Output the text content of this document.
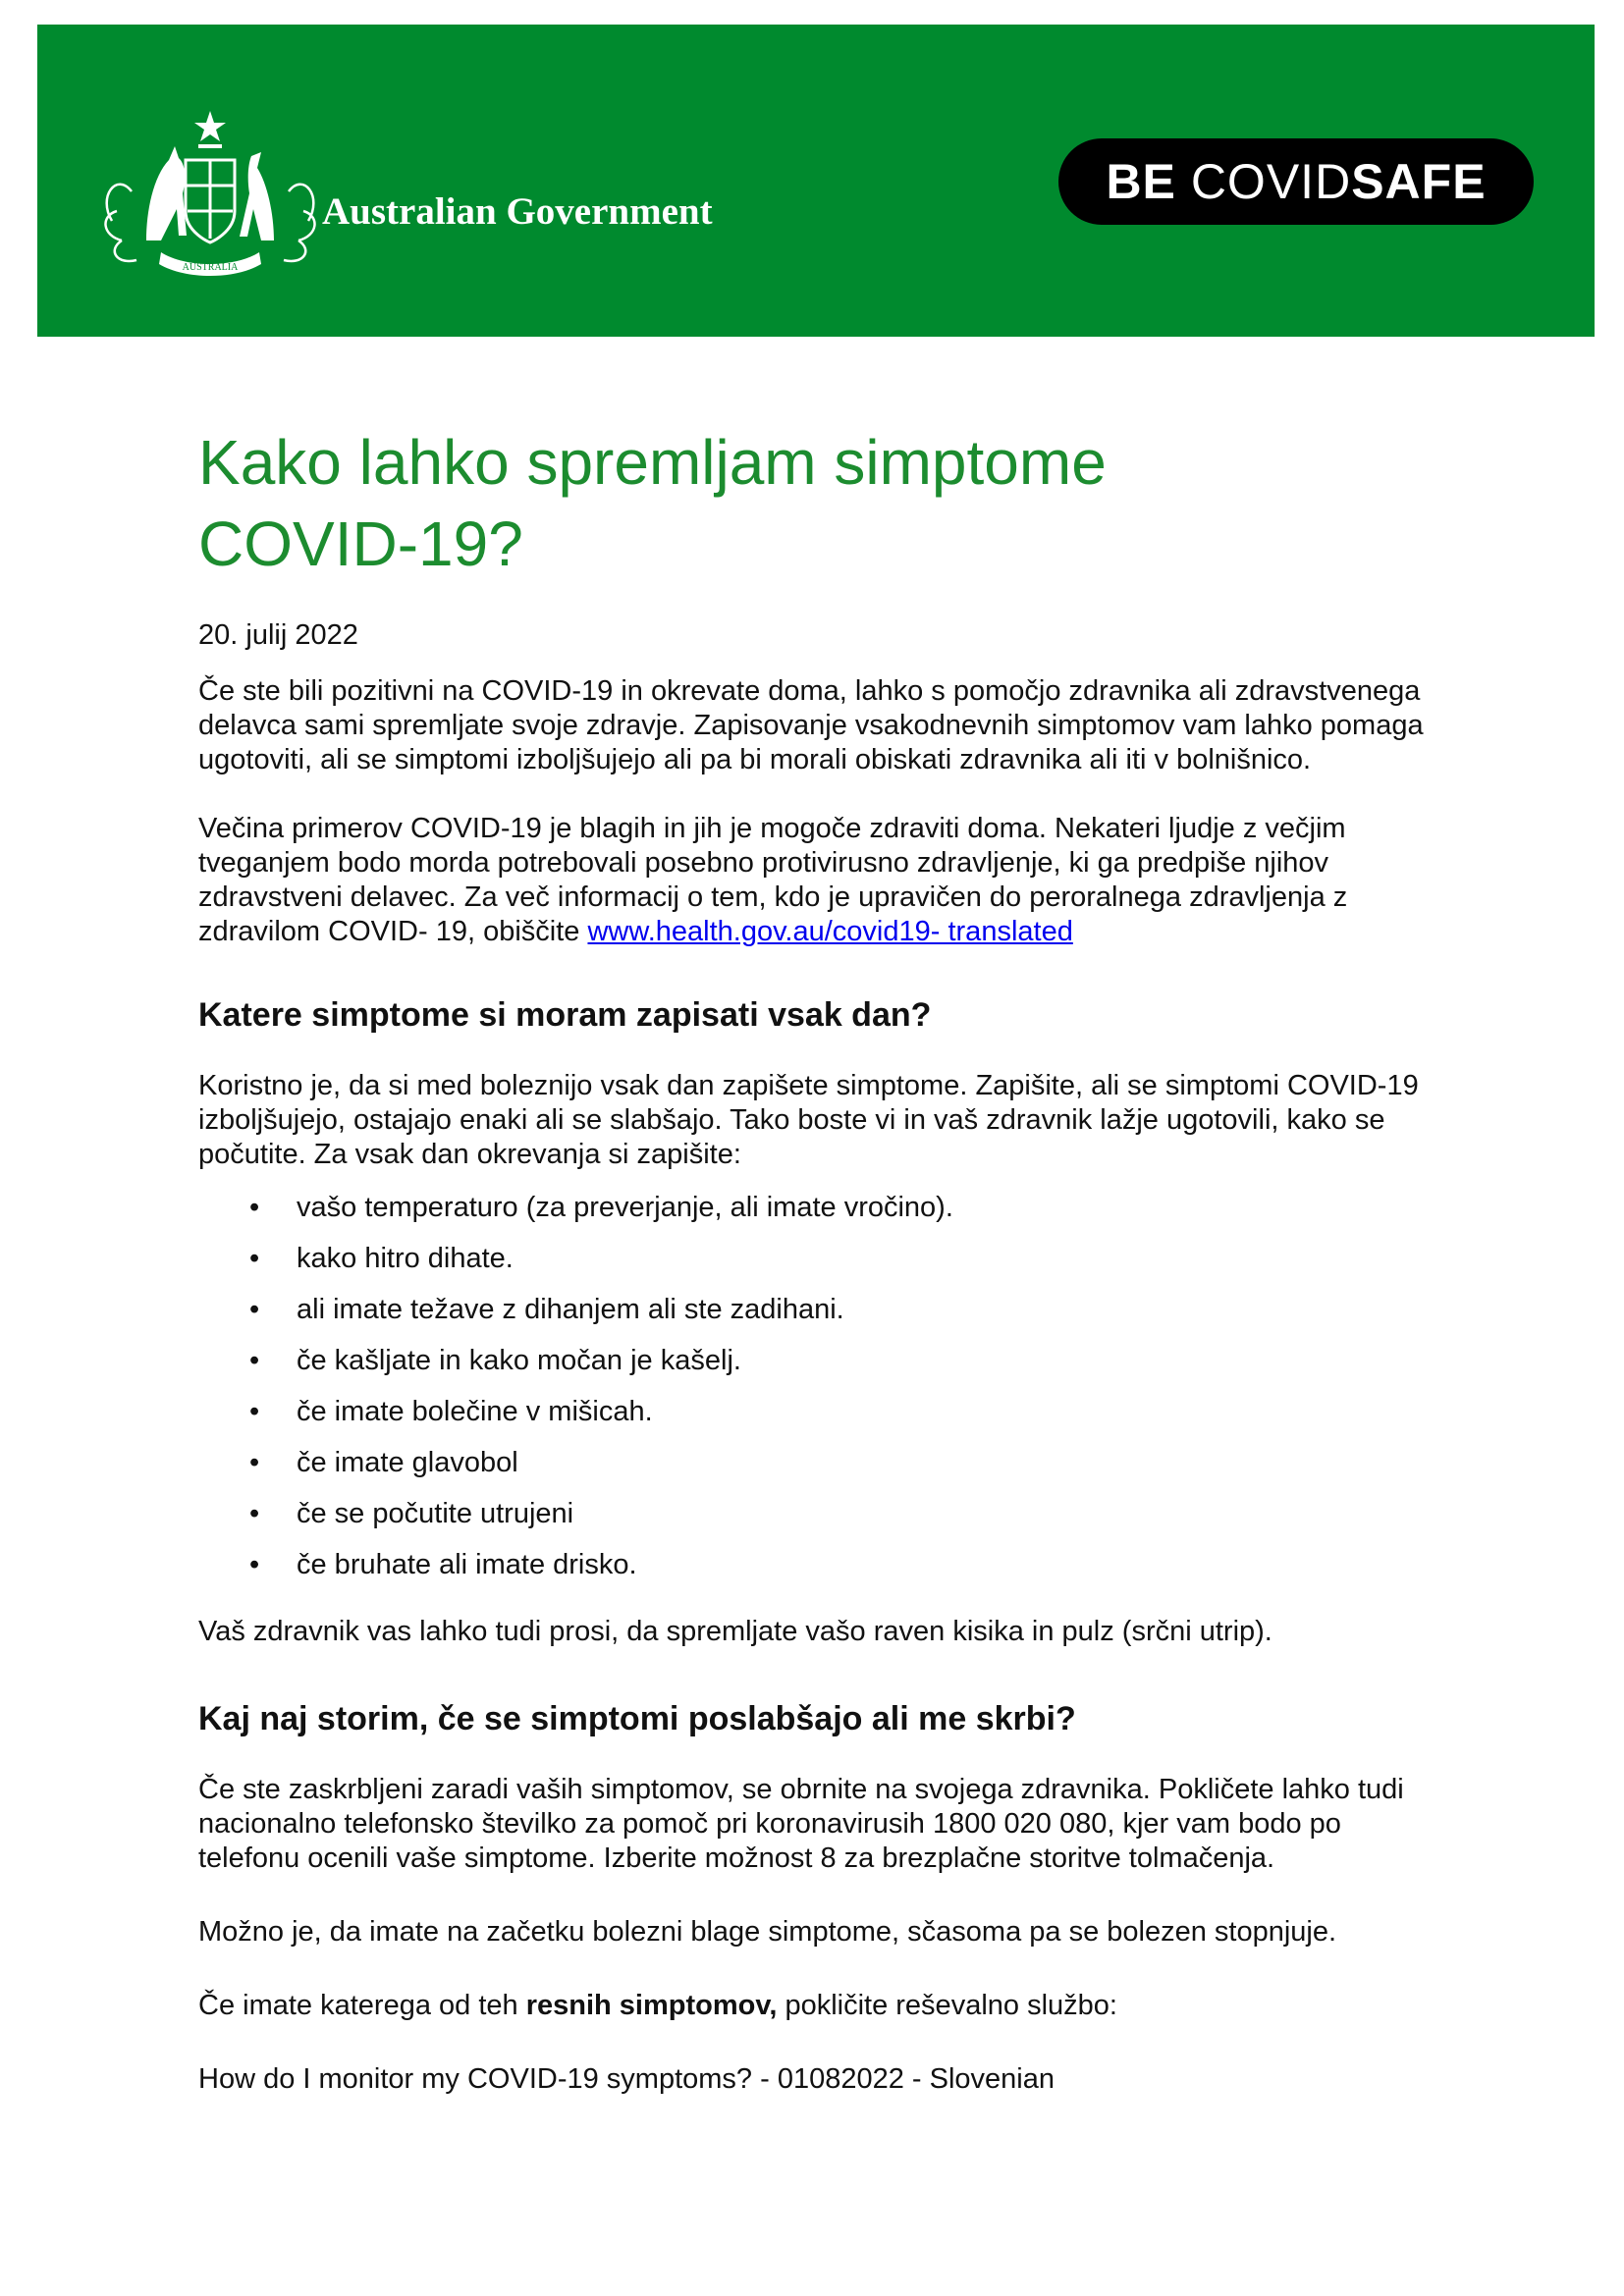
AUSTRALIA
Australian Government
BE
COVID SAFE
Kako lahko spremljam simptome
COVID-19?

20. julij 2022

Če ste bili pozitivni na COVID-19 in okrevate doma, lahko s pomočjo zdravnika ali zdravstvenega delavca sami spremljate svoje zdravje. Zapisovanje vsakodnevnih simptomov vam lahko pomaga ugotoviti, ali se simptomi izboljšujejo ali pa bi morali obiskati zdravnika ali iti v bolnišnico.

Večina primerov COVID-19 je blagih in jih je mogoče zdraviti doma. Nekateri ljudje z večjim tveganjem bodo morda potrebovali posebno protivirusno zdravljenje, ki ga predpiše njihov zdravstveni delavec. Za več informacij o tem, kdo je upravičen do peroralnega zdravljenja z zdravilom COVID- 19, obiščite www.health.gov.au/covid19- translated

Katere simptome si moram zapisati vsak dan?

Koristno je, da si med boleznijo vsak dan zapišete simptome. Zapišite, ali se simptomi COVID-19 izboljšujejo, ostajajo enaki ali se slabšajo. Tako boste vi in vaš zdravnik lažje ugotovili, kako se počutite. Za vsak dan okrevanja si zapišite:

• vašo temperaturo (za preverjanje, ali imate vročino).
• kako hitro dihate.
• ali imate težave z dihanjem ali ste zadihani.
• če kašljate in kako močan je kašelj.
• če imate bolečine v mišicah.
• če imate glavobol
• če se počutite utrujeni
• če bruhate ali imate drisko.

Vaš zdravnik vas lahko tudi prosi, da spremljate vašo raven kisika in pulz (srčni utrip).

Kaj naj storim, če se simptomi poslabšajo ali me skrbi?

Če ste zaskrbljeni zaradi vaših simptomov, se obrnite na svojega zdravnika. Pokličete lahko tudi nacionalno telefonsko številko za pomoč pri koronavirusih 1800 020 080, kjer vam bodo po telefonu ocenili vaše simptome. Izberite možnost 8 za brezplačne storitve tolmačenja.

Možno je, da imate na začetku bolezni blage simptome, sčasoma pa se bolezen stopnjuje.

Če imate katerega od teh resnih simptomov, pokličite reševalno službo:

How do I monitor my COVID-19 symptoms? - 01082022 - Slovenian
